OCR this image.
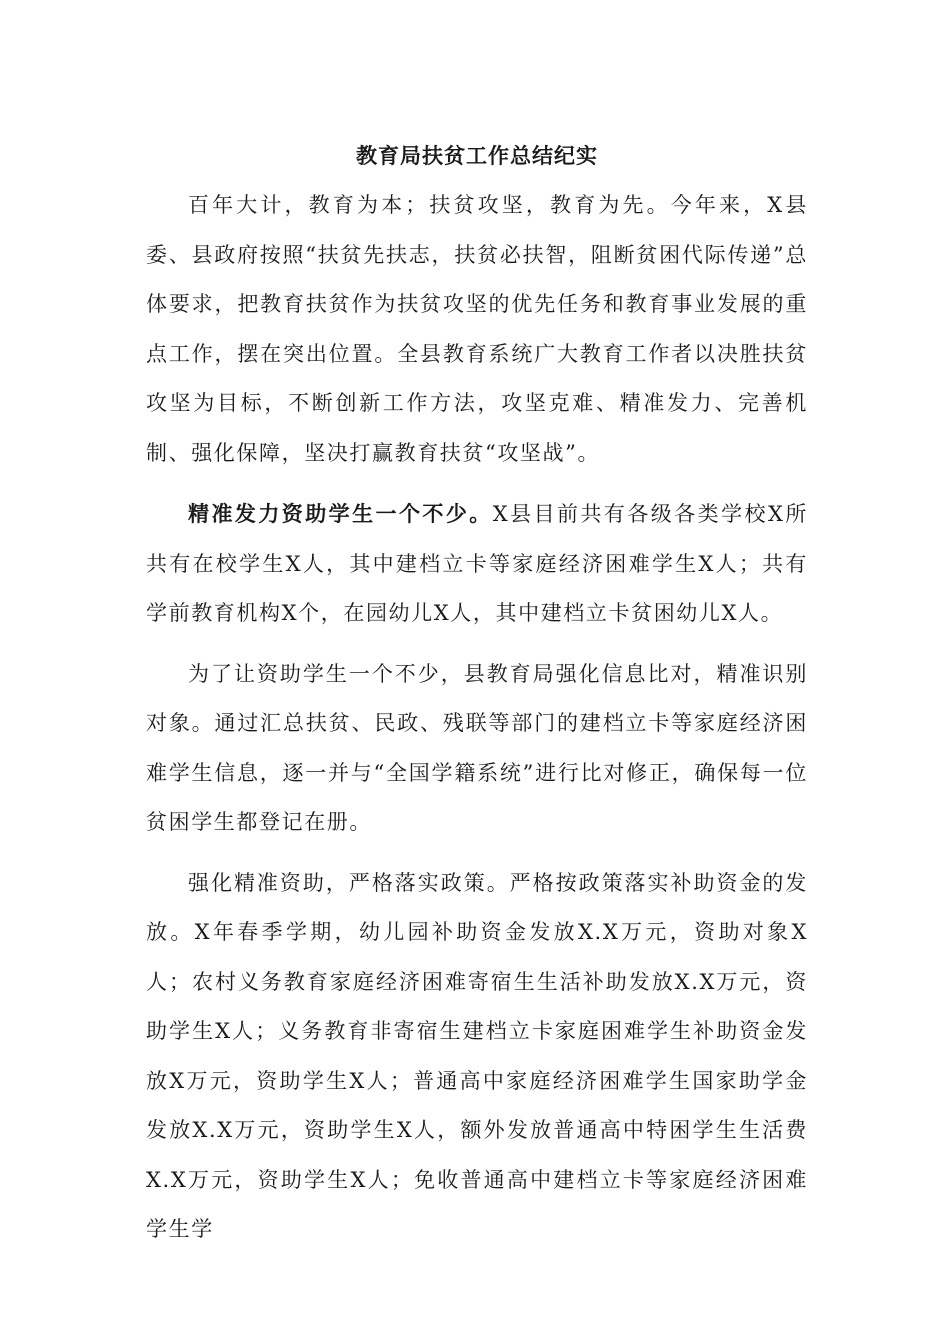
教育局扶贫工作总结纪实

百年大计，教育为本；扶贫攻坚，教育为先。今年来，X县委、县政府按照“扶贫先扶志，扶贫必扶智，阻断贫困代际传递”总体要求，把教育扶贫作为扶贫攻坚的优先任务和教育事业发展的重点工作，摆在突出位置。全县教育系统广大教育工作者以决胜扶贫攻坚为目标，不断创新工作方法，攻坚克难、精准发力、完善机制、强化保障，坚决打赢教育扶贫“攻坚战”。

精准发力资助学生一个不少。X县目前共有各级各类学校X所共有在校学生X人，其中建档立卡等家庭经济困难学生X人；共有学前教育机构X个，在园幼儿X人，其中建档立卡贫困幼儿X人。

为了让资助学生一个不少，县教育局强化信息比对，精准识别对象。通过汇总扶贫、民政、残联等部门的建档立卡等家庭经济困难学生信息，逐一并与“全国学籍系统”进行比对修正，确保每一位贫困学生都登记在册。

强化精准资助，严格落实政策。严格按政策落实补助资金的发放。X年春季学期，幼儿园补助资金发放X.X万元，资助对象X人；农村义务教育家庭经济困难寄宿生生活补助发放X.X万元，资助学生X人；义务教育非寄宿生建档立卡家庭困难学生补助资金发放X万元，资助学生X人；普通高中家庭经济困难学生国家助学金发放X.X万元，资助学生X人，额外发放普通高中特困学生生活费X.X万元，资助学生X人；免收普通高中建档立卡等家庭经济困难学生学
